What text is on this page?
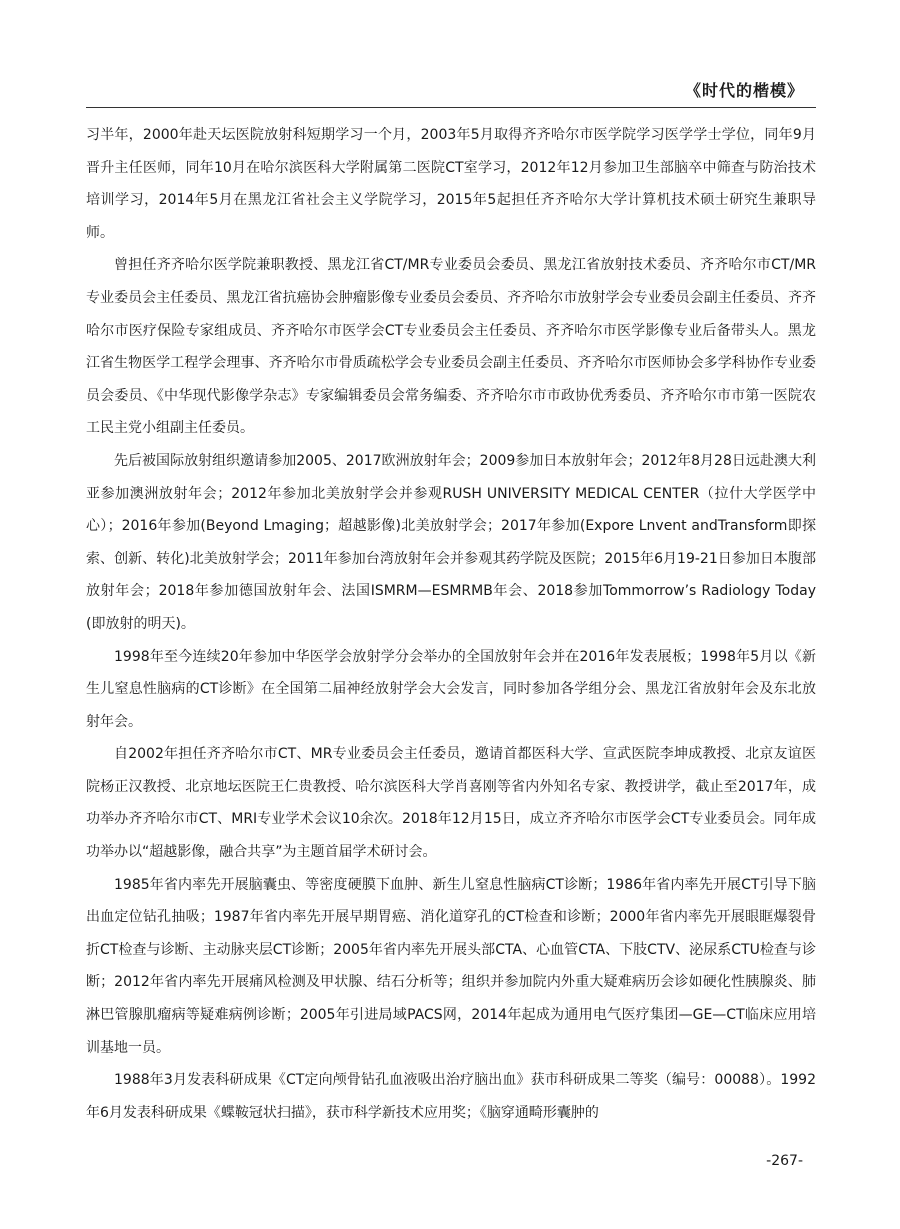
《时代的楷模》

习半年，2000年赴天坛医院放射科短期学习一个月，2003年5月取得齐齐哈尔市医学院学习医学学士学位，同年9月晋升主任医师，同年10月在哈尔滨医科大学附属第二医院CT室学习，2012年12月参加卫生部脑卒中筛查与防治技术培训学习，2014年5月在黑龙江省社会主义学院学习，2015年5起担任齐齐哈尔大学计算机技术硕士研究生兼职导师。

曾担任齐齐哈尔医学院兼职教授、黑龙江省CT/MR专业委员会委员、黑龙江省放射技术委员、齐齐哈尔市CT/MR专业委员会主任委员、黑龙江省抗癌协会肿瘤影像专业委员会委员、齐齐哈尔市放射学会专业委员会副主任委员、齐齐哈尔市医疗保险专家组成员、齐齐哈尔市医学会CT专业委员会主任委员、齐齐哈尔市医学影像专业后备带头人。黑龙江省生物医学工程学会理事、齐齐哈尔市骨质疏松学会专业委员会副主任委员、齐齐哈尔市医师协会多学科协作专业委员会委员、《中华现代影像学杂志》专家编辑委员会常务编委、齐齐哈尔市市政协优秀委员、齐齐哈尔市市第一医院农工民主党小组副主任委员。

先后被国际放射组织邀请参加2005、2017欧洲放射年会；2009参加日本放射年会；2012年8月28日远赴澳大利亚参加澳洲放射年会；2012年参加北美放射学会并参观RUSH UNIVERSITY MEDICAL CENTER（拉什大学医学中心）；2016年参加(Beyond Lmaging；超越影像)北美放射学会；2017年参加(Expore Lnvent andTransform即探索、创新、转化)北美放射学会；2011年参加台湾放射年会并参观其药学院及医院；2015年6月19-21日参加日本腹部放射年会；2018年参加德国放射年会、法国ISMRM—ESMRMB年会、2018参加Tommorrow’s Radiology Today(即放射的明天)。

1998年至今连续20年参加中华医学会放射学分会举办的全国放射年会并在2016年发表展板；1998年5月以《新生儿窒息性脑病的CT诊断》在全国第二届神经放射学会大会发言，同时参加各学组分会、黑龙江省放射年会及东北放射年会。

自2002年担任齐齐哈尔市CT、MR专业委员会主任委员，邀请首都医科大学、宣武医院李坤成教授、北京友谊医院杨正汉教授、北京地坛医院王仁贵教授、哈尔滨医科大学肖喜刚等省内外知名专家、教授讲学，截止至2017年，成功举办齐齐哈尔市CT、MRI专业学术会议10余次。2018年12月15日，成立齐齐哈尔市医学会CT专业委员会。同年成功举办以“超越影像，融合共享”为主题首届学术研讨会。

1985年省内率先开展脑囊虫、等密度硬膜下血肿、新生儿窒息性脑病CT诊断；1986年省内率先开展CT引导下脑出血定位钻孔抽吸；1987年省内率先开展早期胃癌、消化道穿孔的CT检查和诊断；2000年省内率先开展眼眶爆裂骨折CT检查与诊断、主动脉夹层CT诊断；2005年省内率先开展头部CTA、心血管CTA、下肢CTV、泌尿系CTU检查与诊断；2012年省内率先开展痛风检测及甲状腺、结石分析等；组织并参加院内外重大疑难病历会诊如硬化性胰腺炎、肺淋巴管腺肌瘤病等疑难病例诊断；2005年引进局域PACS网，2014年起成为通用电气医疗集团—GE—CT临床应用培训基地一员。

1988年3月发表科研成果《CT定向颅骨钻孔血液吸出治疗脑出血》获市科研成果二等奖（编号：00088）。1992年6月发表科研成果《蝶鞍冠状扫描》，获市科学新技术应用奖；《脑穿通畸形囊肿的

-267-
